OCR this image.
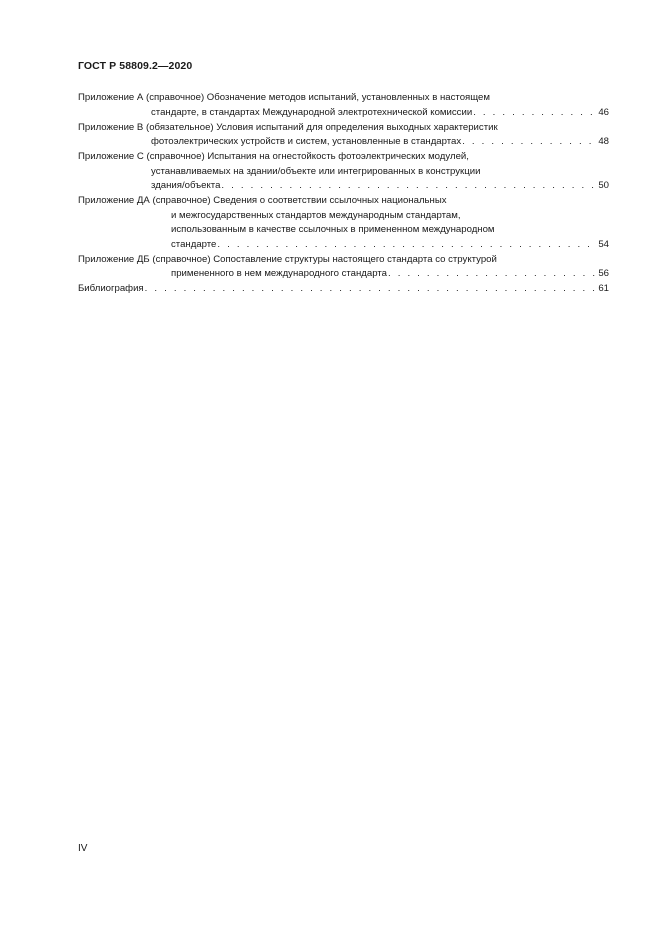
ГОСТ Р 58809.2—2020
Приложение А (справочное) Обозначение методов испытаний, установленных в настоящем
стандарте, в стандартах Международной электротехнической комиссии . . .	46
Приложение В (обязательное) Условия испытаний для определения выходных характеристик
фотоэлектрических устройств и систем, установленные в стандартах . . .	48
Приложение С (справочное) Испытания на огнестойкость фотоэлектрических модулей,
устанавливаемых на здании/объекте или интегрированных в конструкции
здания/объекта . . .	50
Приложение ДА (справочное) Сведения о соответствии ссылочных национальных
и межгосударственных стандартов международным стандартам,
использованным в качестве ссылочных в примененном международном
стандарте . . .	54
Приложение ДБ (справочное) Сопоставление структуры настоящего стандарта со структурой
примененного в нем международного стандарта . . .	56
Библиография . . .	61
IV
